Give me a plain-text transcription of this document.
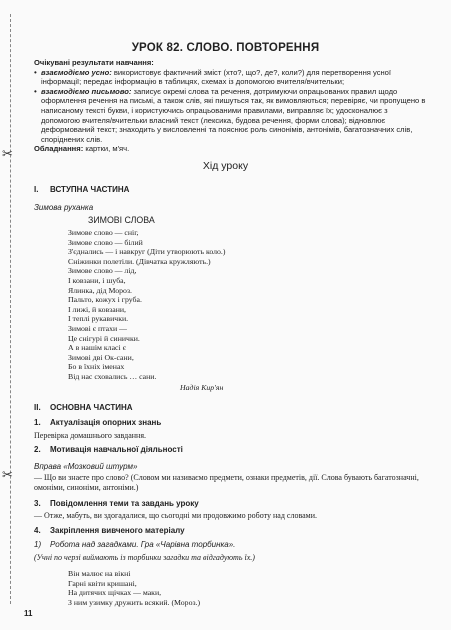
✂
✂
УРОК 82. СЛОВО. ПОВТОРЕННЯ

Очікувані результати навчання:

• взаємодіємо усно: використовує фактичний зміст (хто?, що?, де?, коли?) для перетворення усної інформації; передає інформацію в таблицях, схемах із допомогою вчителя/вчительки;
• взаємодіємо письмово: записує окремі слова та речення, дотримуючи опрацьованих правил щодо оформлення речення на письмі, а також слів, які пишуться так, як вимовляються; перевіряє, чи пропущено в написаному тексті букви, і користуючись опрацьованими правилами, виправляє їх; удосконалює з допомогою вчителя/вчительки власний текст (лексика, будова речення, форми слова); відновлює деформований текст; знаходить у висловленні та пояснює роль синонімів, антонімів, багатозначних слів, споріднених слів.

Обладнання: картки, м'яч.

Хід уроку
I. ВСТУПНА ЧАСТИНА
Зимова руханка
ЗИМОВІ СЛОВА
Зимове слово — сніг,
Зимове слово — білий
З'єднались — і навкруг (Діти утворюють коло.)
Сніжинки полетіли. (Дівчатка кружляють.)
Зимове слово — лід,
І ковзани, і шуба,
Ялинка, дід Мороз.
Пальто, кожух і груба.
І лижі, й ковзани,
І теплі рукавички.
Зимові є птахи —
Це снігурі й синички.
А в нашім класі є
Зимові дві Ок-сани,
Бо в їхніх іменах
Від нас сховались … сани.
Надія Кир'ян
II. ОСНОВНА ЧАСТИНА
1. Актуалізація опорних знань
Перевірка домашнього завдання.
2. Мотивація навчальної діяльності
Вправа «Мозковий штурм»
— Що ви знаєте про слово? (Словом ми називаємо предмети, ознаки предметів, дії. Слова бувають багатозначні, омоніми, синоніми, антоніми.)
3. Повідомлення теми та завдань уроку
— Отже, мабуть, ви здогадалися, що сьогодні ми продовжимо роботу над словами.
4. Закріплення вивченого матеріалу
1) Робота над загадками. Гра «Чарівна торбинка».
(Учні по черзі виймають із торбинки загадки та відгадують їх.)
Він малює на вікні
Гарні квіти кришані,
На дитячих щічках — маки,
З ним узимку дружить всякий. (Мороз.)
11
